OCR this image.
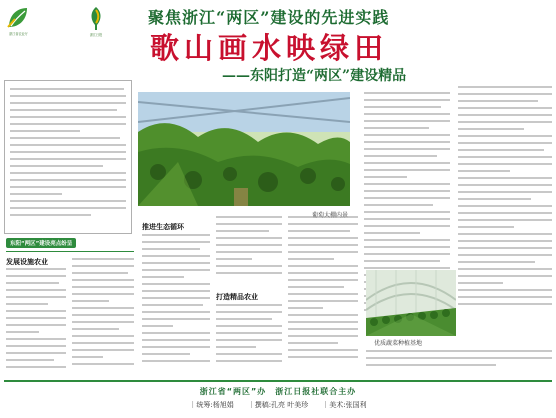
浙江省农业厅	浙江日报
聚焦浙江“两区”建设的先进实践
歌山画水映绿田
——东阳打造“两区”建设精品
东阳“两区”建设亮点纷呈
发展设施农业
推进生态循环
打造精品农业
优质蔬菜种植基地
浙江省“两区”办　浙江日报社联合主办
｜统筹:杨旭娟　　｜撰稿:孔亮 叶美珍　　｜美术:张国利
